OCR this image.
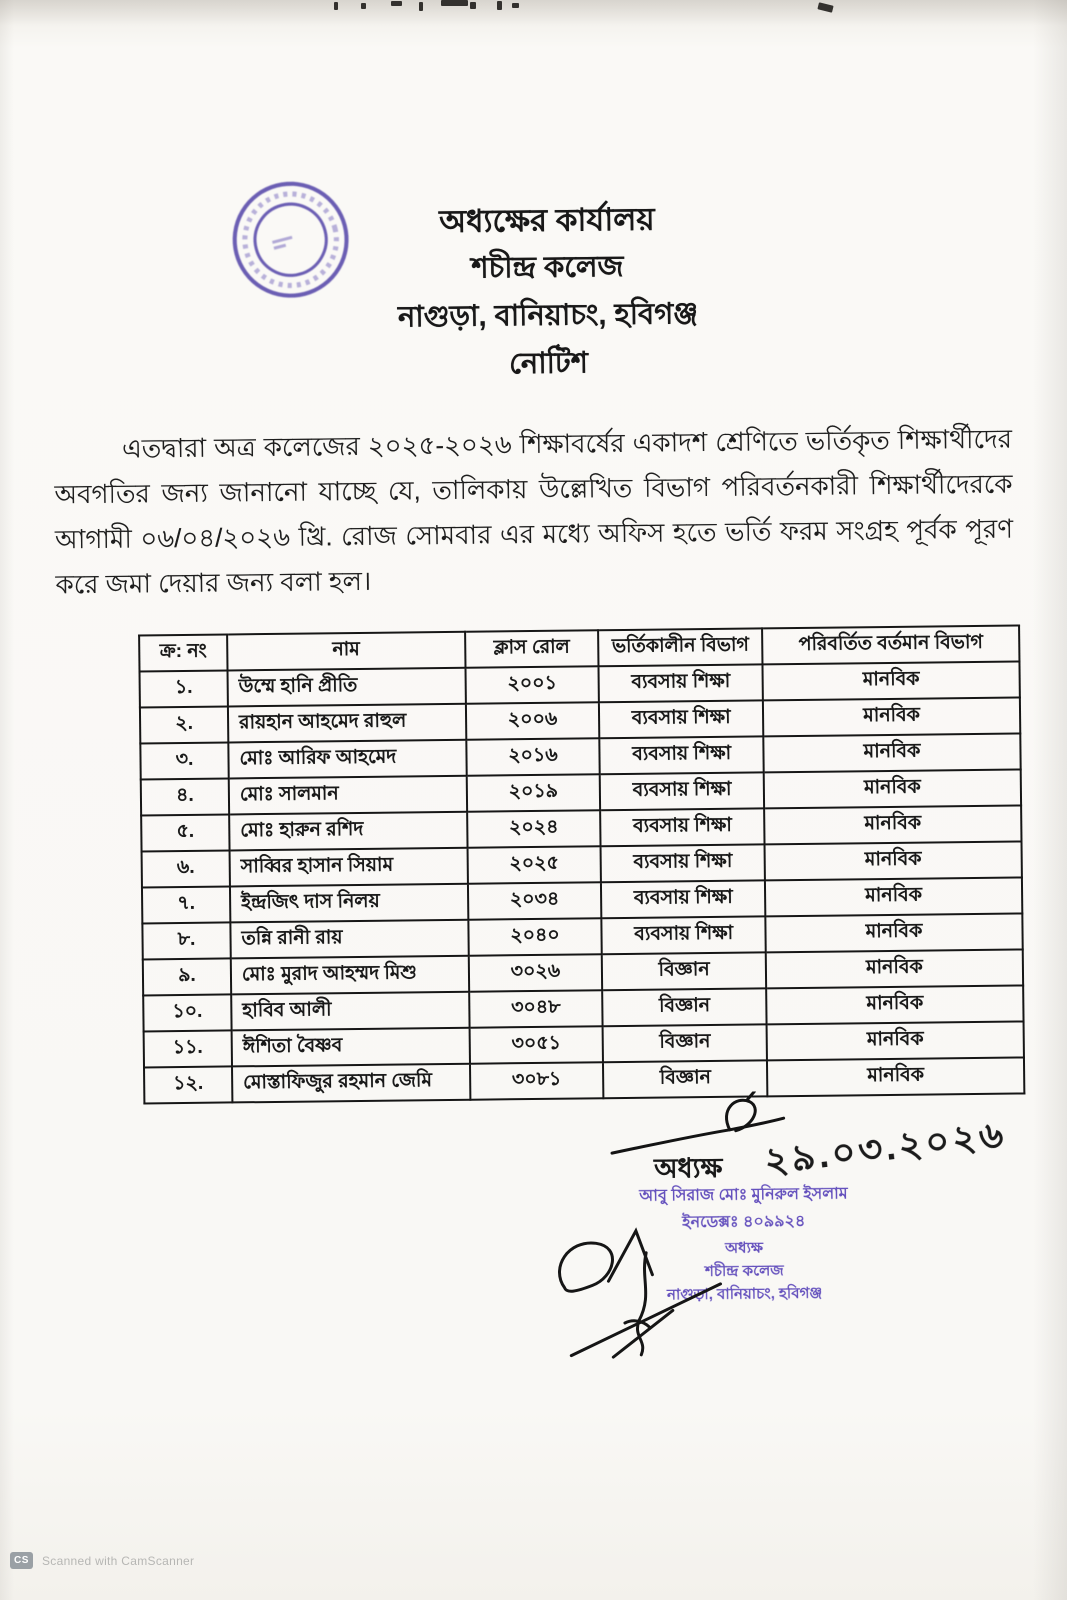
অধ্যক্ষের কার্যালয়
শচীন্দ্র কলেজ
নাগুড়া, বানিয়াচং, হবিগঞ্জ
নোটিশ
এতদ্বারা অত্র কলেজের ২০২৫-২০২৬ শিক্ষাবর্ষের একাদশ শ্রেণিতে ভর্তিকৃত শিক্ষার্থীদের অবগতির জন্য জানানো যাচ্ছে যে, তালিকায় উল্লেখিত বিভাগ পরিবর্তনকারী শিক্ষার্থীদেরকে আগামী ০৬/০৪/২০২৬ খ্রি. রোজ সোমবার এর মধ্যে অফিস হতে ভর্তি ফরম সংগ্রহ পূর্বক পূরণ করে জমা দেয়ার জন্য বলা হল।
ক্র: নং	নাম	ক্লাস রোল	ভর্তিকালীন বিভাগ	পরিবর্তিত বর্তমান বিভাগ
১.	উম্মে হানি প্রীতি	২০০১	ব্যবসায় শিক্ষা	মানবিক
২.	রায়হান আহমেদ রাহুল	২০০৬	ব্যবসায় শিক্ষা	মানবিক
৩.	মোঃ আরিফ আহমেদ	২০১৬	ব্যবসায় শিক্ষা	মানবিক
৪.	মোঃ সালমান	২০১৯	ব্যবসায় শিক্ষা	মানবিক
৫.	মোঃ হারুন রশিদ	২০২৪	ব্যবসায় শিক্ষা	মানবিক
৬.	সাব্বির হাসান সিয়াম	২০২৫	ব্যবসায় শিক্ষা	মানবিক
৭.	ইন্দ্রজিৎ দাস নিলয়	২০৩৪	ব্যবসায় শিক্ষা	মানবিক
৮.	তন্নি রানী রায়	২০৪০	ব্যবসায় শিক্ষা	মানবিক
৯.	মোঃ মুরাদ আহম্মদ মিশু	৩০২৬	বিজ্ঞান	মানবিক
১০.	হাবিব আলী	৩০৪৮	বিজ্ঞান	মানবিক
১১.	ঈশিতা বৈষ্ণব	৩০৫১	বিজ্ঞান	মানবিক
১২.	মোস্তাফিজুর রহমান জেমি	৩০৮১	বিজ্ঞান	মানবিক
২৯.০৩.২০২৬
অধ্যক্ষ
আবু সিরাজ মোঃ মুনিরুল ইসলাম
ইনডেক্সঃ ৪০৯৯২৪
অধ্যক্ষ
শচীন্দ্র কলেজ
নাগুড়া, বানিয়াচং, হবিগঞ্জ
CS	Scanned with CamScanner
